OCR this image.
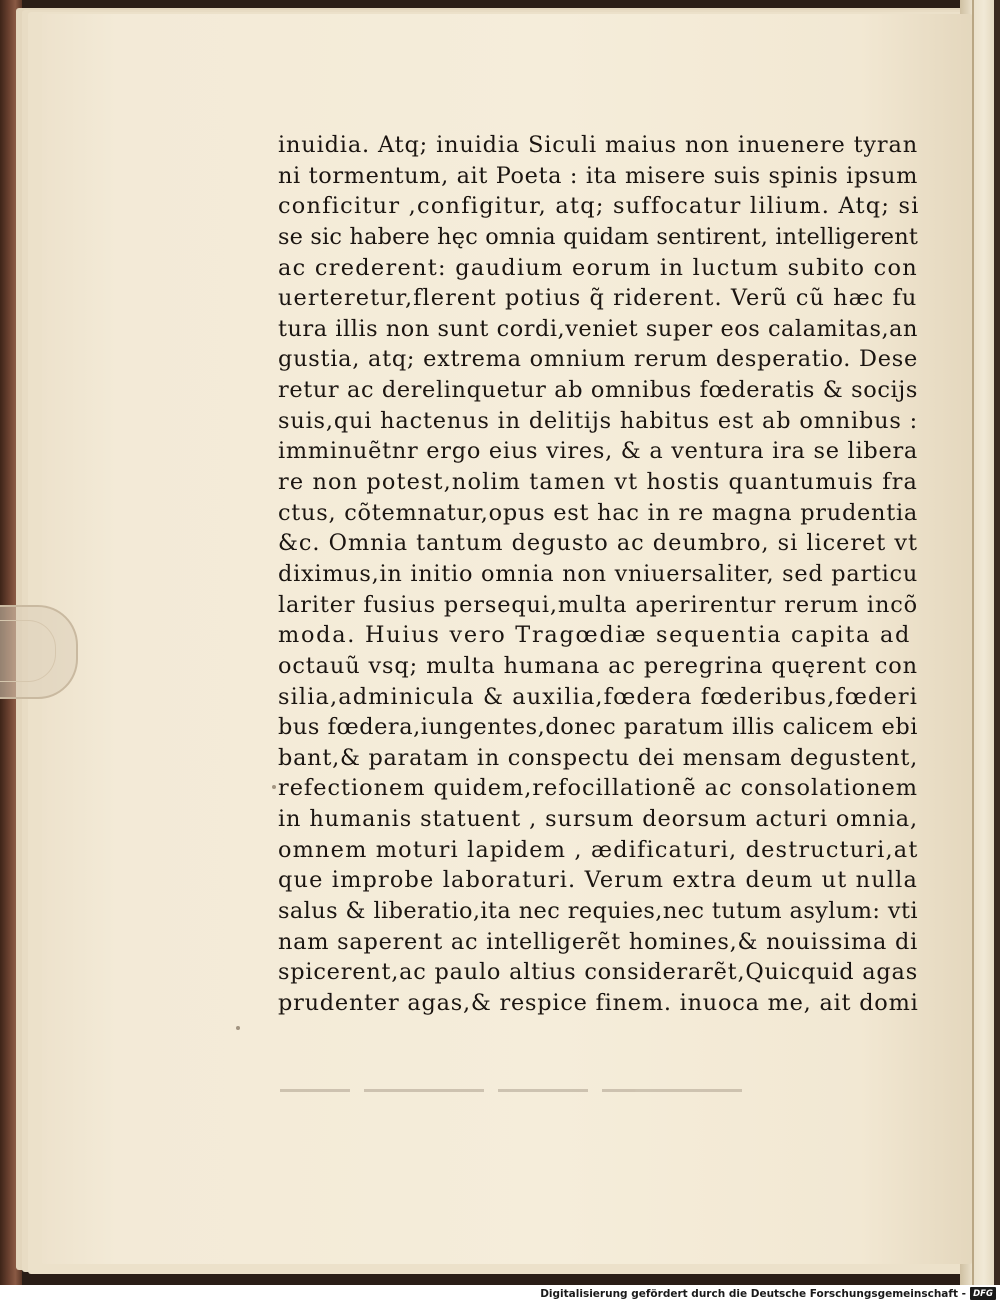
inuidia. Atq; inuidia Siculi maius non inuenere tyran
ni tormentum, ait Poeta : ita misere suis spinis ipsum
conficitur ,configitur, atq; suffocatur lilium. Atq; si
se sic habere hęc omnia quidam sentirent, intelligerent
ac crederent: gaudium eorum in luctum subito con
uerteretur,flerent potius q̃ riderent. Verũ cũ hæc fu
tura illis non sunt cordi,veniet super eos calamitas,an
gustia, atq; extrema omnium rerum desperatio. Dese
retur ac derelinquetur ab omnibus fœderatis & socijs
suis,qui hactenus in delitijs habitus est ab omnibus :
imminuẽtnr ergo eius vires, & a ventura ira se libera
re non potest,nolim tamen vt hostis quantumuis fra
ctus, cõtemnatur,opus est hac in re magna prudentia
&c. Omnia tantum degusto ac deumbro, si liceret vt
diximus,in initio omnia non vniuersaliter, sed particu
lariter fusius persequi,multa aperirentur rerum incõ
moda. Huius vero Tragœdiæ sequentia capita ad
octauũ vsq; multa humana ac peregrina quęrent con
silia,adminicula & auxilia,fœdera fœderibus,fœderi
bus fœdera,iungentes,donec paratum illis calicem ebi
bant,& paratam in conspectu dei mensam degustent,
refectionem quidem,refocillationẽ ac consolationem
in humanis statuent , sursum deorsum acturi omnia,
omnem moturi lapidem , ædificaturi, destructuri,at
que improbe laboraturi. Verum extra deum ut nulla
salus & liberatio,ita nec requies,nec tutum asylum: vti
nam saperent ac intelligerẽt homines,& nouissima di
spicerent,ac paulo altius considerarẽt,Quicquid agas
prudenter agas,& respice finem. inuoca me, ait domi
Digitalisierung gefördert durch die Deutsche Forschungsgemeinschaft - DFG
